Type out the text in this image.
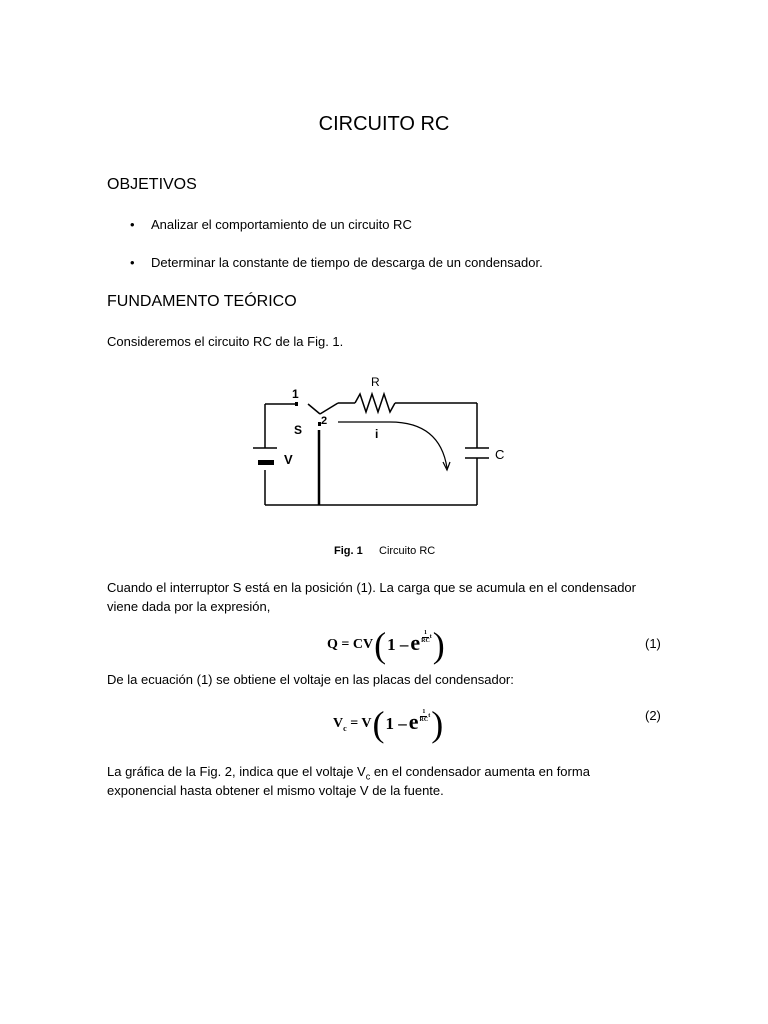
CIRCUITO RC
OBJETIVOS
• Analizar el comportamiento de un circuito RC
• Determinar la constante de tiempo de descarga de un condensador.
FUNDAMENTO TEÓRICO
Consideremos el circuito RC de la Fig. 1.
1
2
S
R
i
V	C
Fig. 1 Circuito RC
Cuando el interruptor S está en la posición (1). La carga que se acumula en el condensador
viene dada por la expresión,
Q = CV ( 1 – e $\frac{1}{RC}$ t )	(1)
De la ecuación (1) se obtiene el voltaje en las placas del condensador:
V c = V ( 1 – e $\frac{1}{RC}$ t )	(2)
La gráfica de la Fig. 2, indica que el voltaje $V_c$ en el condensador aumenta en forma
exponencial hasta obtener el mismo voltaje V de la fuente.
